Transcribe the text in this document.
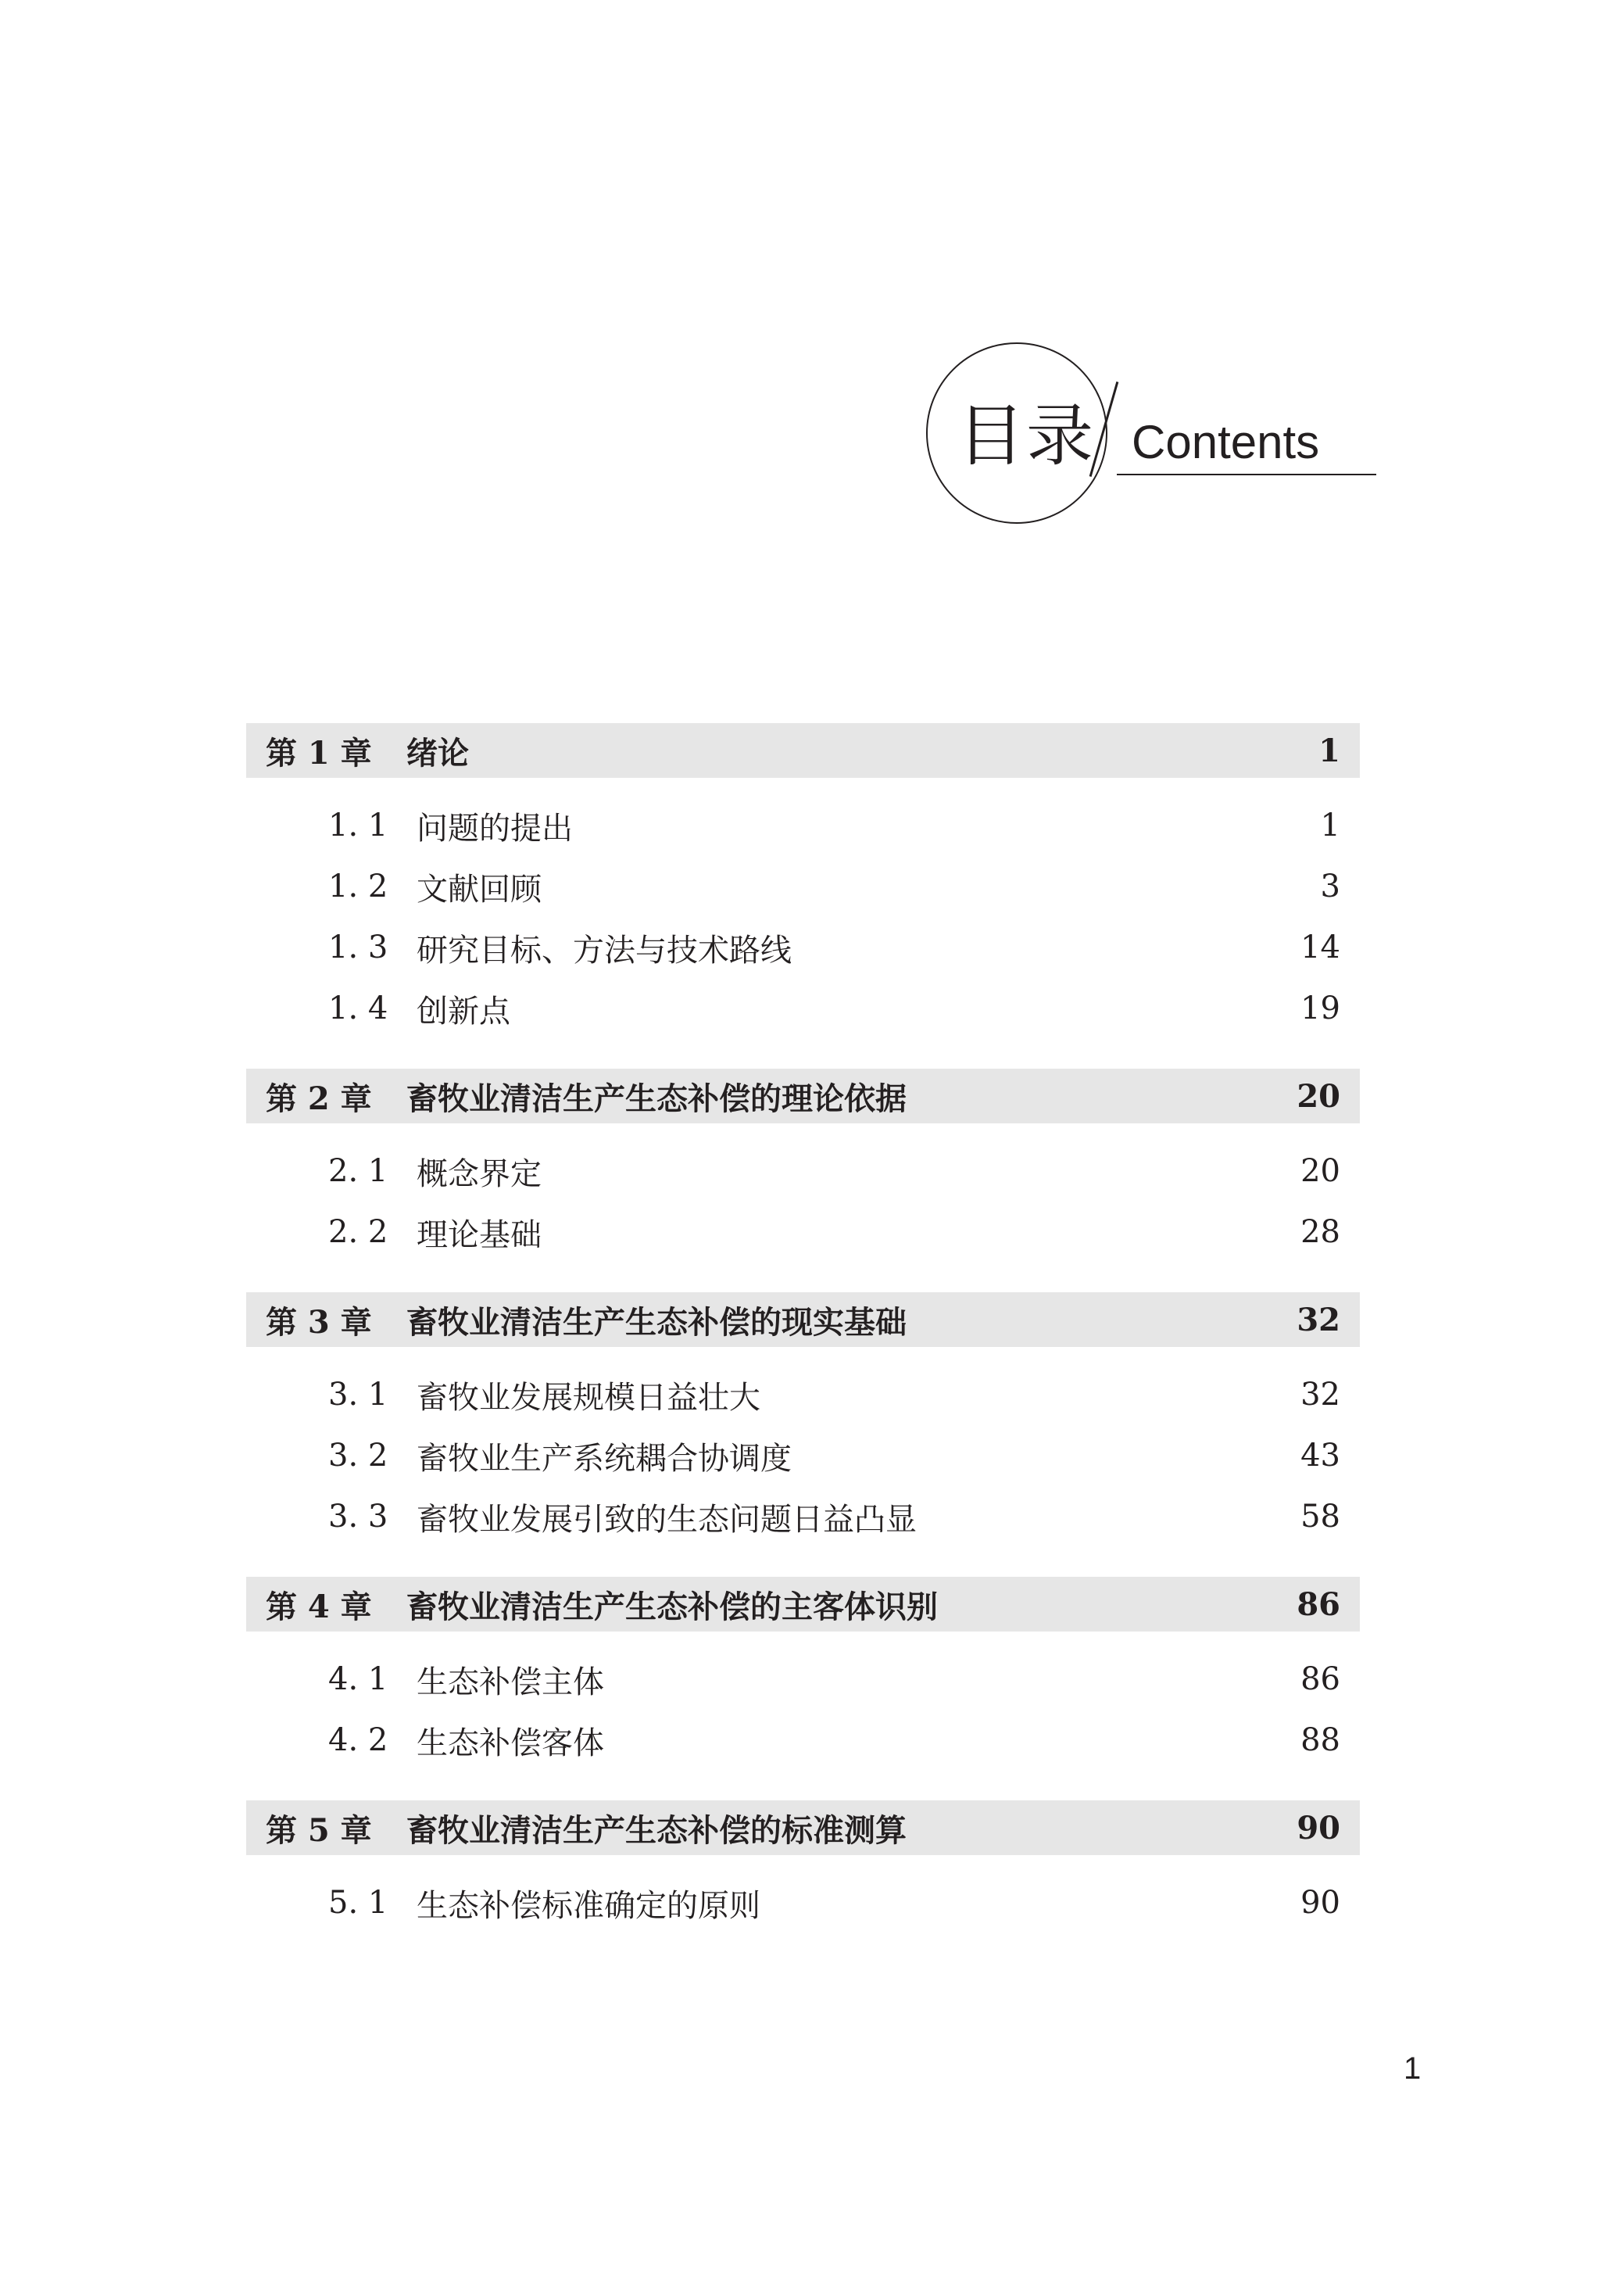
目录 Contents
第 1 章	绪论	1
1. 1 问题的提出	1
1. 2 文献回顾	3
1. 3 研究目标、方法与技术路线	14
1. 4 创新点	19
第 2 章	畜牧业清洁生产生态补偿的理论依据	20
2. 1 概念界定	20
2. 2 理论基础	28
第 3 章	畜牧业清洁生产生态补偿的现实基础	32
3. 1 畜牧业发展规模日益壮大	32
3. 2 畜牧业生产系统耦合协调度	43
3. 3 畜牧业发展引致的生态问题日益凸显	58
第 4 章	畜牧业清洁生产生态补偿的主客体识别	86
4. 1 生态补偿主体	86
4. 2 生态补偿客体	88
第 5 章	畜牧业清洁生产生态补偿的标准测算	90
5. 1 生态补偿标准确定的原则	90
1
